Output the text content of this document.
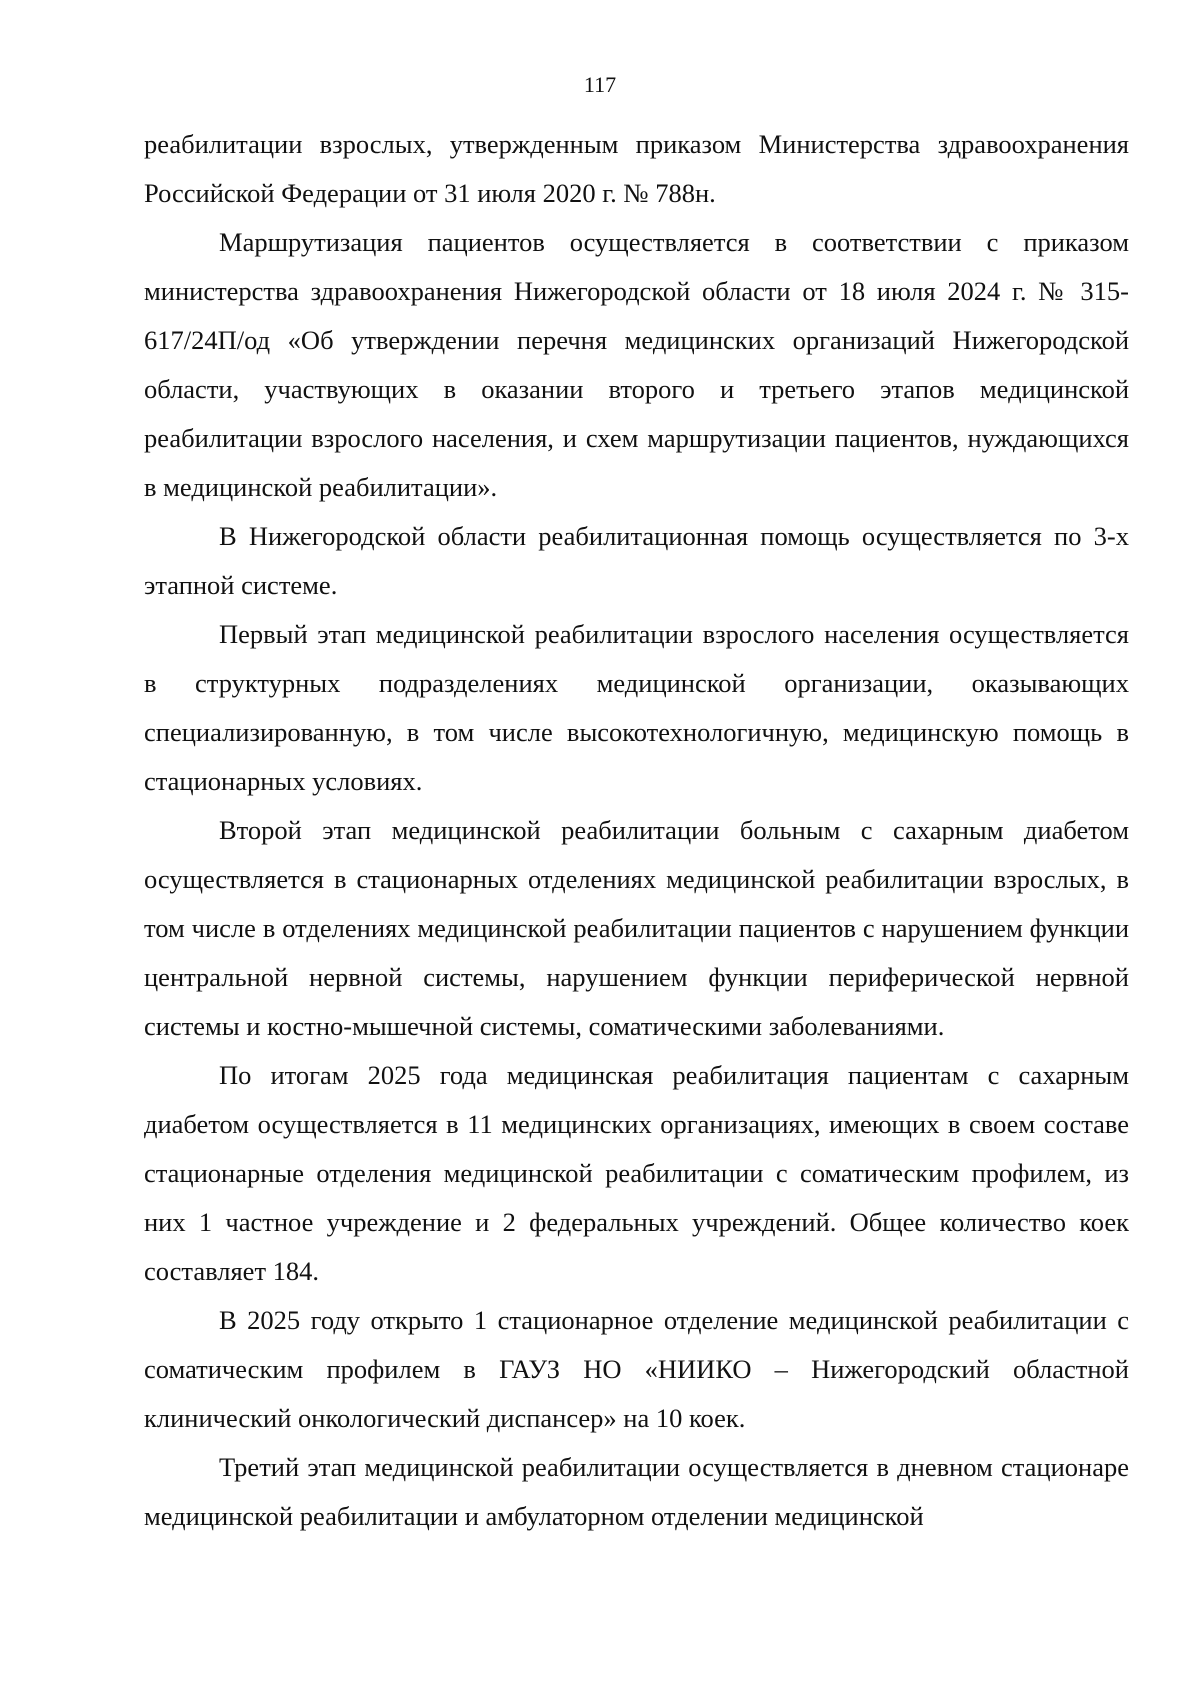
117

реабилитации взрослых, утвержденным приказом Министерства здравоохранения Российской Федерации от 31 июля 2020 г. № 788н.

Маршрутизация пациентов осуществляется в соответствии с приказом министерства здравоохранения Нижегородской области от 18 июля 2024 г. № 315-617/24П/од «Об утверждении перечня медицинских организаций Нижегородской области, участвующих в оказании второго и третьего этапов медицинской реабилитации взрослого населения, и схем маршрутизации пациентов, нуждающихся в медицинской реабилитации».

В Нижегородской области реабилитационная помощь осуществляется по 3-х этапной системе.

Первый этап медицинской реабилитации взрослого населения осуществляется в структурных подразделениях медицинской организации, оказывающих специализированную, в том числе высокотехнологичную, медицинскую помощь в стационарных условиях.

Второй этап медицинской реабилитации больным с сахарным диабетом осуществляется в стационарных отделениях медицинской реабилитации взрослых, в том числе в отделениях медицинской реабилитации пациентов с нарушением функции центральной нервной системы, нарушением функции периферической нервной системы и костно-мышечной системы, соматическими заболеваниями.

По итогам 2025 года медицинская реабилитация пациентам с сахарным диабетом осуществляется в 11 медицинских организациях, имеющих в своем составе стационарные отделения медицинской реабилитации с соматическим профилем, из них 1 частное учреждение и 2 федеральных учреждений. Общее количество коек составляет 184.

В 2025 году открыто 1 стационарное отделение медицинской реабилитации с соматическим профилем в ГАУЗ НО «НИИКО – Нижегородский областной клинический онкологический диспансер» на 10 коек.

Третий этап медицинской реабилитации осуществляется в дневном стационаре медицинской реабилитации и амбулаторном отделении медицинской
